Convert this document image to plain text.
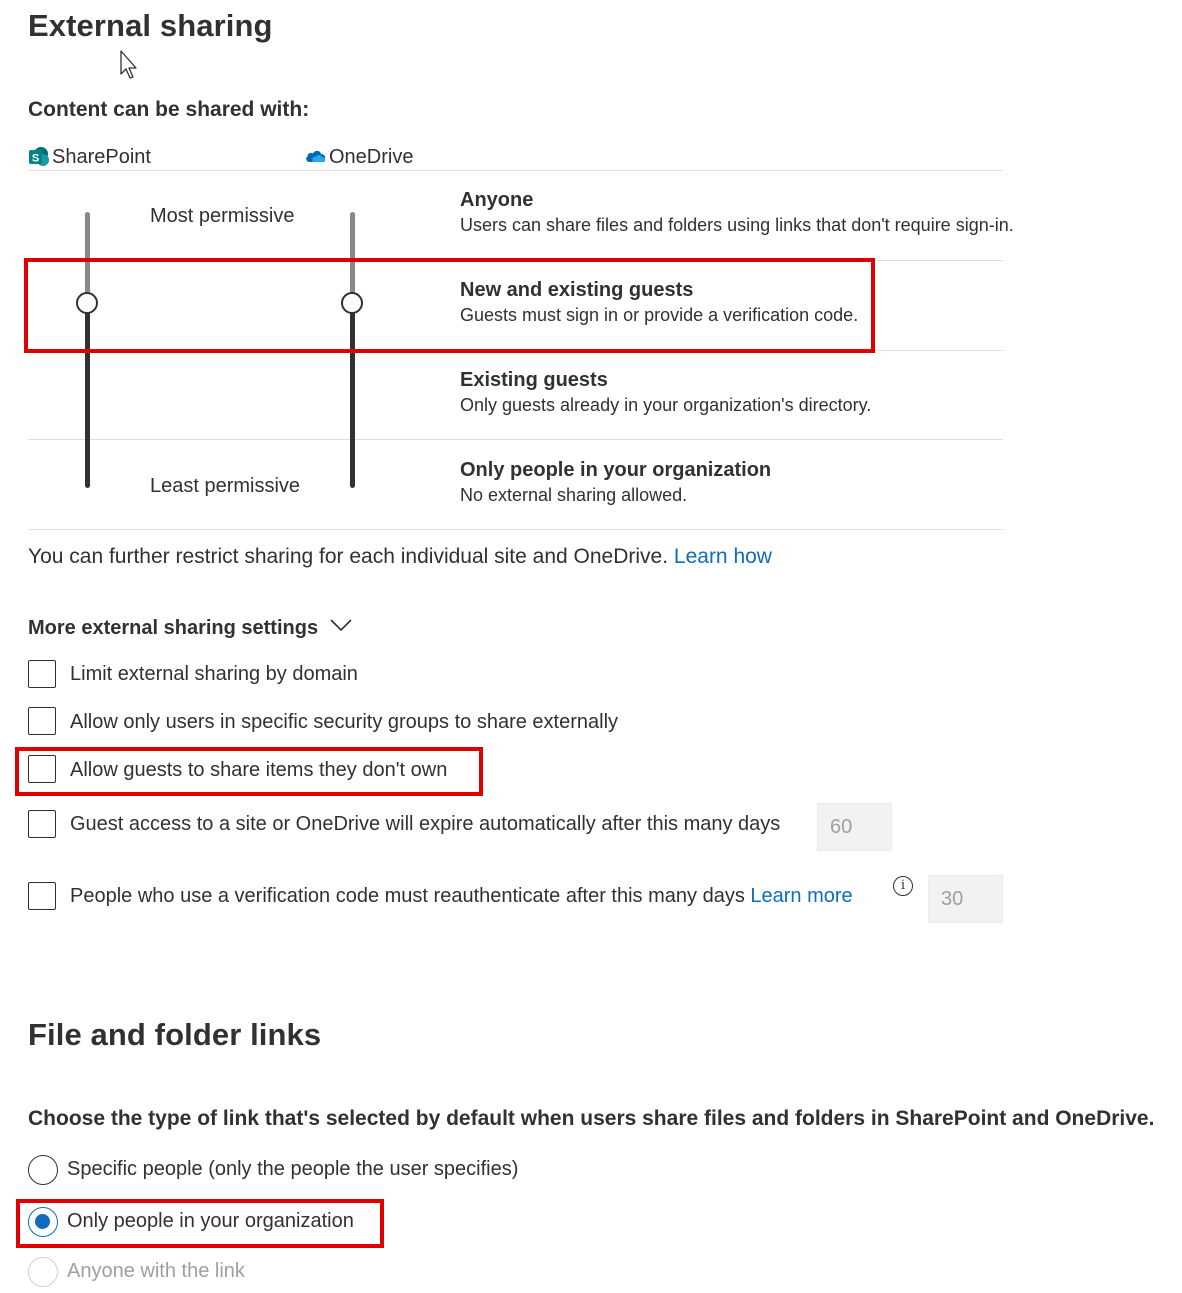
External sharing
Content can be shared with:
S SharePoint	OneDrive
Most permissive
Least permissive
Anyone
Users can share files and folders using links that don't require sign-in.
New and existing guests
Guests must sign in or provide a verification code.
Existing guests
Only guests already in your organization's directory.
Only people in your organization
No external sharing allowed.
You can further restrict sharing for each individual site and OneDrive. Learn how
More external sharing settings
Limit external sharing by domain
Allow only users in specific security groups to share externally
Allow guests to share items they don't own
Guest access to a site or OneDrive will expire automatically after this many days	60
People who use a verification code must reauthenticate after this many days Learn more	i
30
File and folder links
Choose the type of link that's selected by default when users share files and folders in SharePoint and OneDrive.
Specific people (only the people the user specifies)
Only people in your organization
Anyone with the link
